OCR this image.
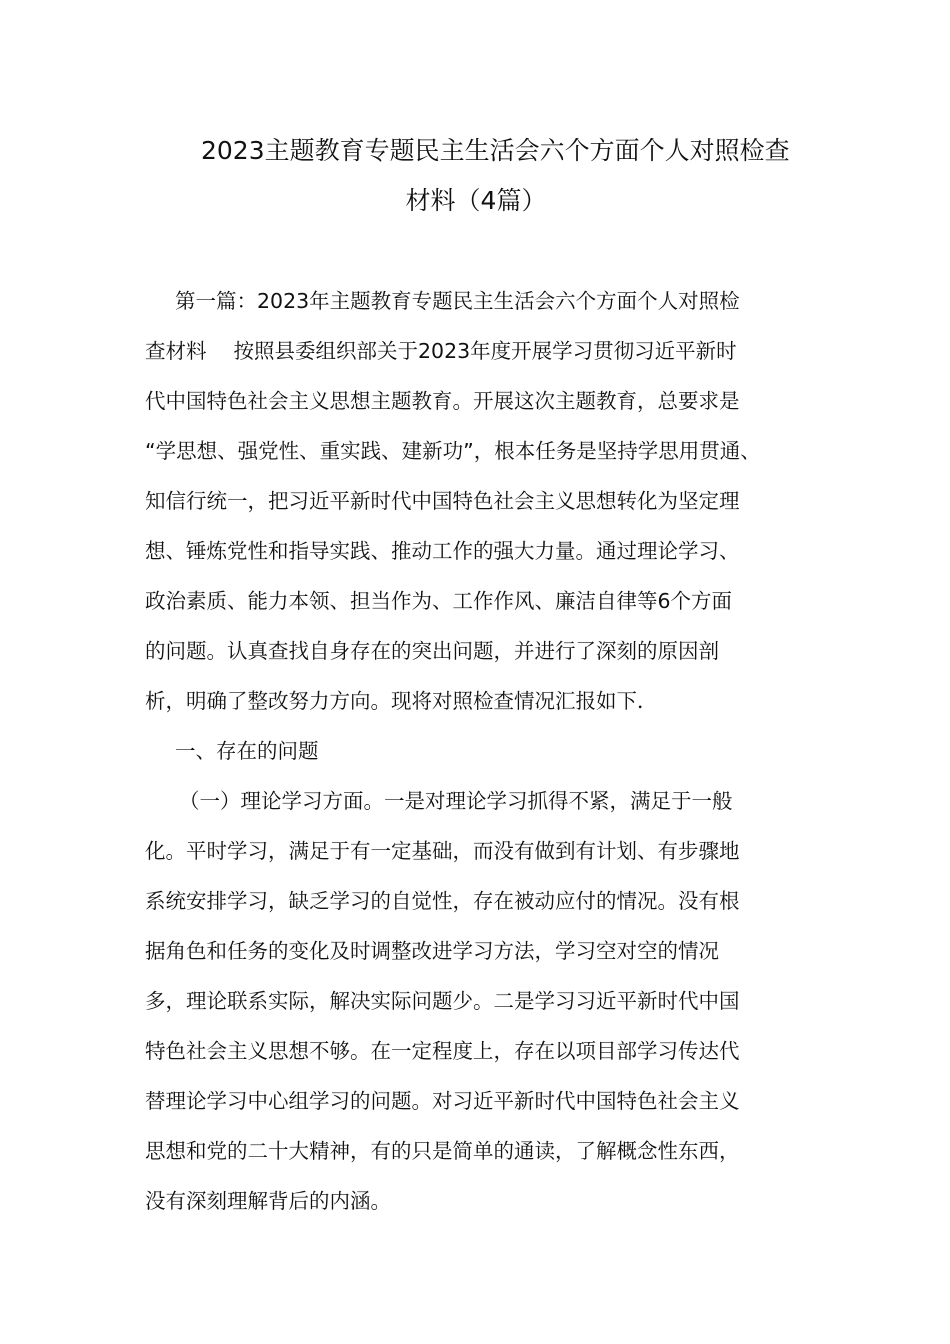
2023主题教育专题民主生活会六个方面个人对照检查
材料（4篇）
第一篇：2023年主题教育专题民主生活会六个方面个人对照检
查材料　 按照县委组织部关于2023年度开展学习贯彻习近平新时
代中国特色社会主义思想主题教育。开展这次主题教育，总要求是
“学思想、强党性、重实践、建新功”，根本任务是坚持学思用贯通、
知信行统一，把习近平新时代中国特色社会主义思想转化为坚定理
想、锤炼党性和指导实践、推动工作的强大力量。通过理论学习、
政治素质、能力本领、担当作为、工作作风、廉洁自律等6个方面
的问题。认真查找自身存在的突出问题，并进行了深刻的原因剖
析，明确了整改努力方向。现将对照检查情况汇报如下．
一、存在的问题
（一）理论学习方面。一是对理论学习抓得不紧，满足于一般
化。平时学习，满足于有一定基础，而没有做到有计划、有步骤地
系统安排学习，缺乏学习的自觉性，存在被动应付的情况。没有根
据角色和任务的变化及时调整改进学习方法，学习空对空的情况
多，理论联系实际，解决实际问题少。二是学习习近平新时代中国
特色社会主义思想不够。在一定程度上，存在以项目部学习传达代
替理论学习中心组学习的问题。对习近平新时代中国特色社会主义
思想和党的二十大精神，有的只是简单的通读，了解概念性东西，
没有深刻理解背后的内涵。
